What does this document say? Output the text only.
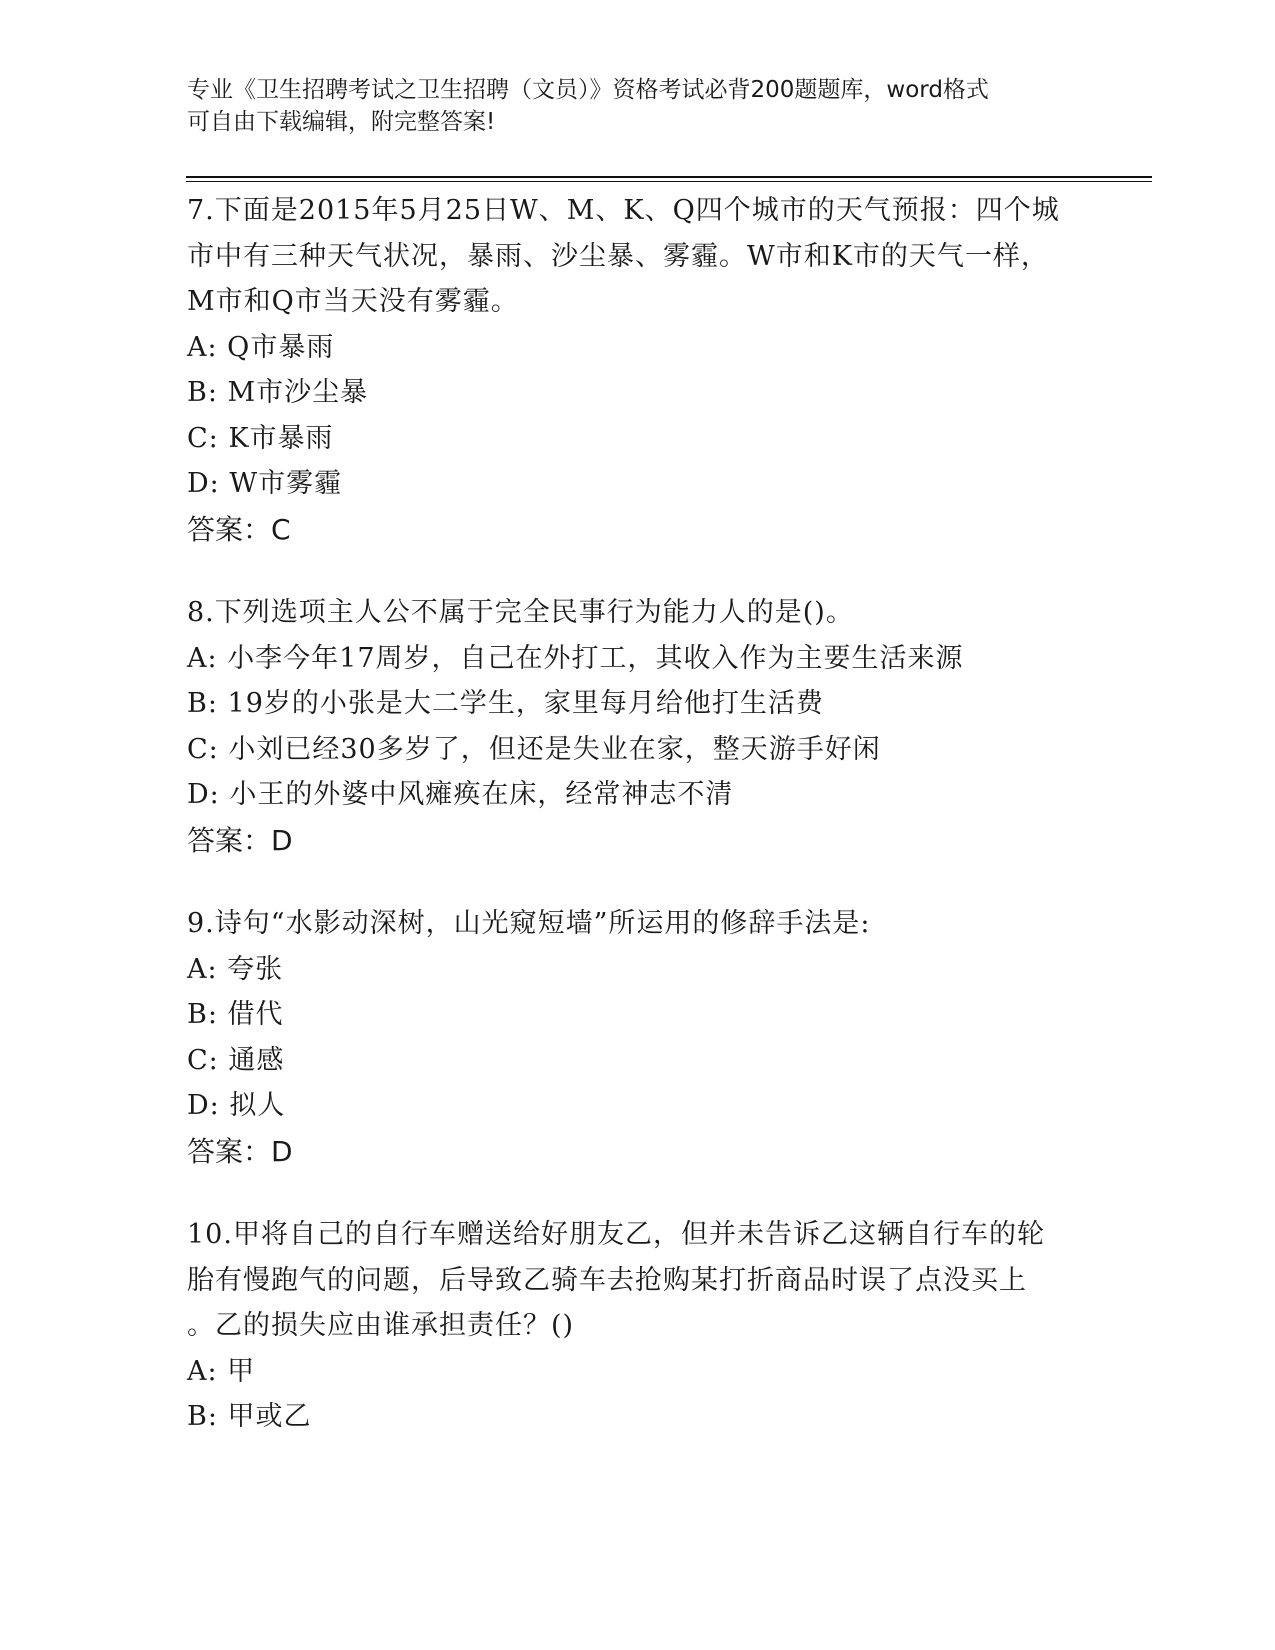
专业《卫生招聘考试之卫生招聘（文员）》资格考试必背200题题库，word格式
可自由下载编辑，附完整答案!
7.下面是2015年5月25日W、M、K、Q四个城市的天气预报：四个城
市中有三种天气状况，暴雨、沙尘暴、雾霾。W市和K市的天气一样，
M市和Q市当天没有雾霾。
A: Q市暴雨
B: M市沙尘暴
C: K市暴雨
D: W市雾霾
答案：C
8.下列选项主人公不属于完全民事行为能力人的是()。
A: 小李今年17周岁，自己在外打工，其收入作为主要生活来源
B: 19岁的小张是大二学生，家里每月给他打生活费
C: 小刘已经30多岁了，但还是失业在家，整天游手好闲
D: 小王的外婆中风瘫痪在床，经常神志不清
答案：D
9.诗句“水影动深树，山光窥短墙”所运用的修辞手法是:
A: 夸张
B: 借代
C: 通感
D: 拟人
答案：D
10.甲将自己的自行车赠送给好朋友乙，但并未告诉乙这辆自行车的轮
胎有慢跑气的问题，后导致乙骑车去抢购某打折商品时误了点没买上
。乙的损失应由谁承担责任？()
A: 甲
B: 甲或乙
